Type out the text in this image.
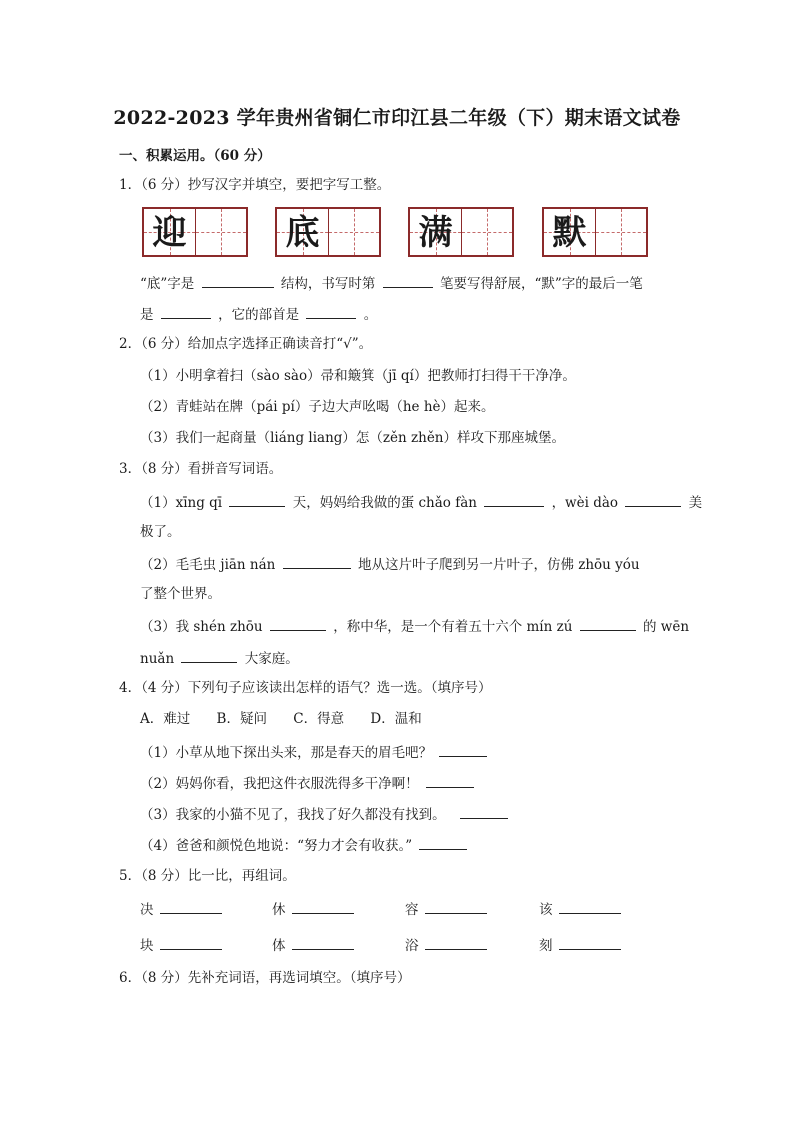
2022-2023 学年贵州省铜仁市印江县二年级（下）期末语文试卷
一、积累运用。（60 分）
1．（6 分）抄写汉字并填空，要把字写工整。
迎	底	满	默
“底”字是	结构，书写时第	笔要写得舒展，“默”字的最后一笔
是	，它的部首是	。
2．（6 分）给加点字选择正确读音打“√”。
（1）小明拿着扫（sào sào）帚和簸箕（jī qí）把教师打扫得干干净净。
（2）青蛙站在牌（pái pí）子边大声吆喝（he hè）起来。
（3）我们一起商量（liáng liang）怎（zěn zhěn）样攻下那座城堡。
3．（8 分）看拼音写词语。
（1）xīng qī	天，妈妈给我做的蛋 chǎo fàn	，wèi dào	美
极了。
（2）毛毛虫 jiān nán	地从这片叶子爬到另一片叶子，仿佛 zhōu yóu
了整个世界。
（3）我 shén zhōu	，称中华，是一个有着五十六个 mín zú	的 wēn
nuǎn	大家庭。
4．（4 分）下列句子应该读出怎样的语气？选一选。（填序号）
A．难过 B．疑问 C．得意 D．温和
（1）小草从地下探出头来，那是春天的眉毛吧？
（2）妈妈你看，我把这件衣服洗得多干净啊！
（3）我家的小猫不见了，我找了好久都没有找到。
（4）爸爸和颜悦色地说：“努力才会有收获。”
5．（8 分）比一比，再组词。
决	休	容	该
块	体	浴	刻
6．（8 分）先补充词语，再选词填空。（填序号）
